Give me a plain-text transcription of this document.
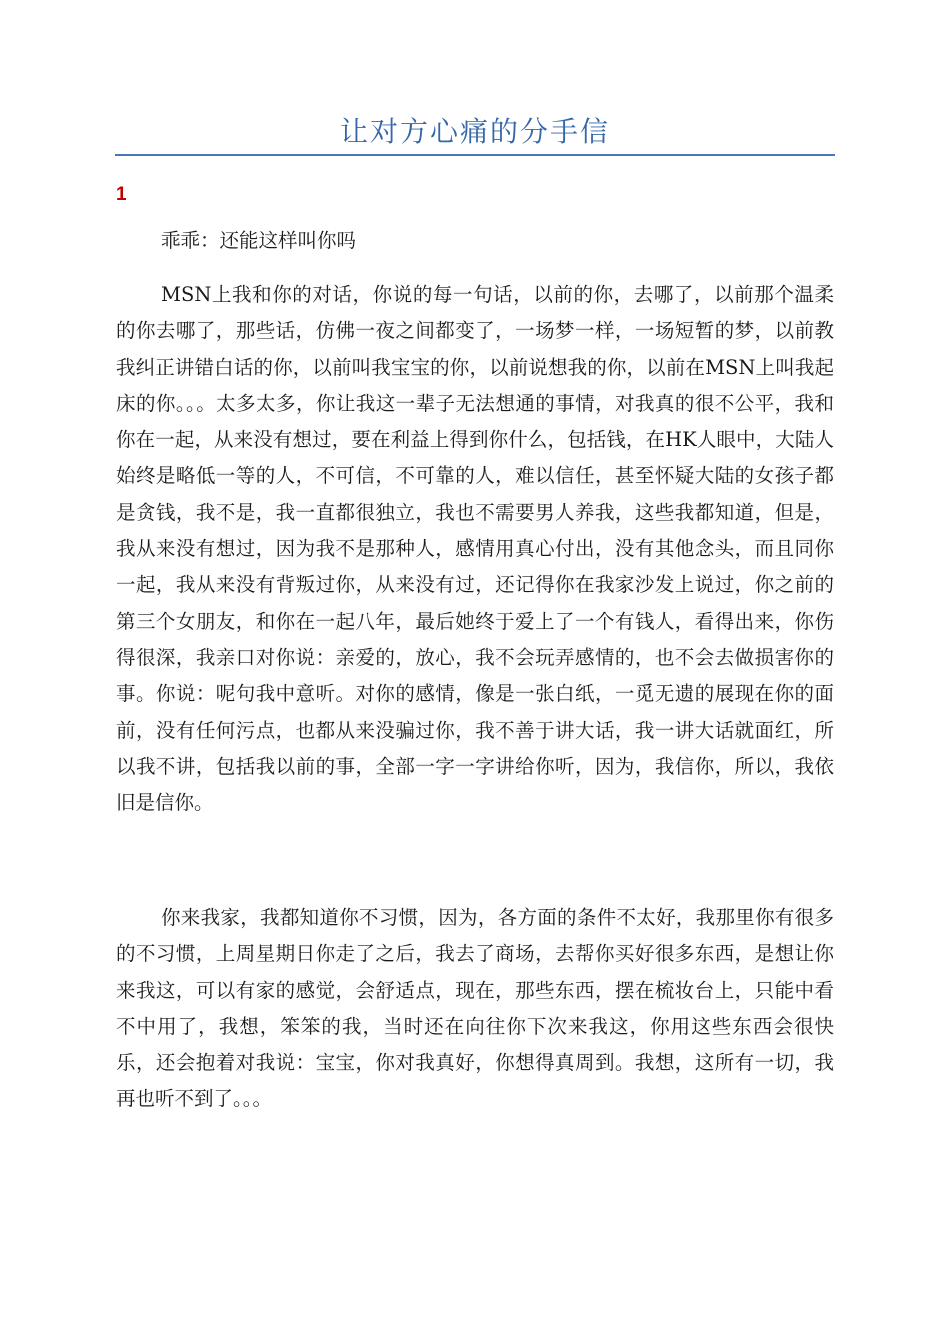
让对方心痛的分手信
1
乖乖：还能这样叫你吗
MSN上我和你的对话，你说的每一句话，以前的你，去哪了，以前那个温柔的你去哪了，那些话，仿佛一夜之间都变了，一场梦一样，一场短暂的梦，以前教我纠正讲错白话的你，以前叫我宝宝的你，以前说想我的你，以前在MSN上叫我起床的你。。。太多太多，你让我这一辈子无法想通的事情，对我真的很不公平，我和你在一起，从来没有想过，要在利益上得到你什么，包括钱，在HK人眼中，大陆人始终是略低一等的人，不可信，不可靠的人，难以信任，甚至怀疑大陆的女孩子都是贪钱，我不是，我一直都很独立，我也不需要男人养我，这些我都知道，但是，我从来没有想过，因为我不是那种人，感情用真心付出，没有其他念头，而且同你一起，我从来没有背叛过你，从来没有过，还记得你在我家沙发上说过，你之前的第三个女朋友，和你在一起八年，最后她终于爱上了一个有钱人，看得出来，你伤得很深，我亲口对你说：亲爱的，放心，我不会玩弄感情的，也不会去做损害你的事。你说：呢句我中意听。对你的感情，像是一张白纸，一觅无遗的展现在你的面前，没有任何污点，也都从来没骗过你，我不善于讲大话，我一讲大话就面红，所以我不讲，包括我以前的事，全部一字一字讲给你听，因为，我信你，所以，我依旧是信你。
你来我家，我都知道你不习惯，因为，各方面的条件不太好，我那里你有很多的不习惯，上周星期日你走了之后，我去了商场，去帮你买好很多东西，是想让你来我这，可以有家的感觉，会舒适点，现在，那些东西，摆在梳妆台上，只能中看不中用了，我想，笨笨的我，当时还在向往你下次来我这，你用这些东西会很快乐，还会抱着对我说：宝宝，你对我真好，你想得真周到。我想，这所有一切，我再也听不到了。。。
